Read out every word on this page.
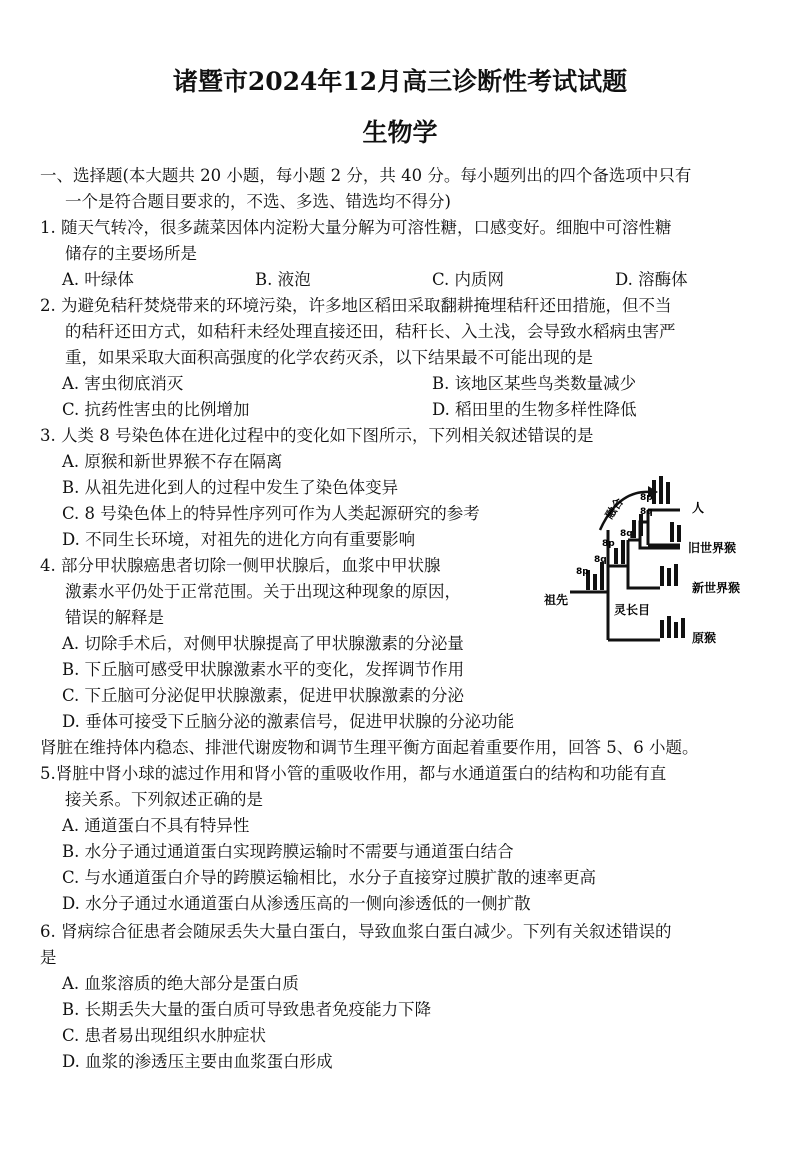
诸暨市2024年12月高三诊断性考试试题
生物学
一、选择题(本大题共 20 小题，每小题 2 分，共 40 分。每小题列出的四个备选项中只有
一个是符合题目要求的，不选、多选、错选均不得分)
1. 随天气转冷，很多蔬菜因体内淀粉大量分解为可溶性糖，口感变好。细胞中可溶性糖
储存的主要场所是
A. 叶绿体	B. 液泡	C. 内质网	D. 溶酶体
2. 为避免秸秆焚烧带来的环境污染，许多地区稻田采取翻耕掩埋秸秆还田措施，但不当
的秸秆还田方式，如秸秆未经处理直接还田，秸秆长、入土浅，会导致水稻病虫害严
重，如果采取大面积高强度的化学农药灭杀，以下结果最不可能出现的是
A. 害虫彻底消灭	B. 该地区某些鸟类数量减少
C. 抗药性害虫的比例增加	D. 稻田里的生物多样性降低
3. 人类 8 号染色体在进化过程中的变化如下图所示，下列相关叙述错误的是
A. 原猴和新世界猴不存在隔离
B. 从祖先进化到人的过程中发生了染色体变异
C. 8 号染色体上的特异性序列可作为人类起源研究的参考
D. 不同生长环境，对祖先的进化方向有重要影响
祖先
灵长目
人
旧世界猴
新世界猴
原猴
融合
8p
8q
8p
8q
8p
8q
4. 部分甲状腺癌患者切除一侧甲状腺后，血浆中甲状腺
激素水平仍处于正常范围。关于出现这种现象的原因，
错误的解释是
A. 切除手术后，对侧甲状腺提高了甲状腺激素的分泌量
B. 下丘脑可感受甲状腺激素水平的变化，发挥调节作用
C. 下丘脑可分泌促甲状腺激素，促进甲状腺激素的分泌
D. 垂体可接受下丘脑分泌的激素信号，促进甲状腺的分泌功能
肾脏在维持体内稳态、排泄代谢废物和调节生理平衡方面起着重要作用，回答 5、6 小题。
5.肾脏中肾小球的滤过作用和肾小管的重吸收作用，都与水通道蛋白的结构和功能有直
接关系。下列叙述正确的是
A. 通道蛋白不具有特异性
B. 水分子通过通道蛋白实现跨膜运输时不需要与通道蛋白结合
C. 与水通道蛋白介导的跨膜运输相比，水分子直接穿过膜扩散的速率更高
D. 水分子通过水通道蛋白从渗透压高的一侧向渗透低的一侧扩散
6. 肾病综合征患者会随尿丢失大量白蛋白，导致血浆白蛋白减少。下列有关叙述错误的
是
A. 血浆溶质的绝大部分是蛋白质
B. 长期丢失大量的蛋白质可导致患者免疫能力下降
C. 患者易出现组织水肿症状
D. 血浆的渗透压主要由血浆蛋白形成
